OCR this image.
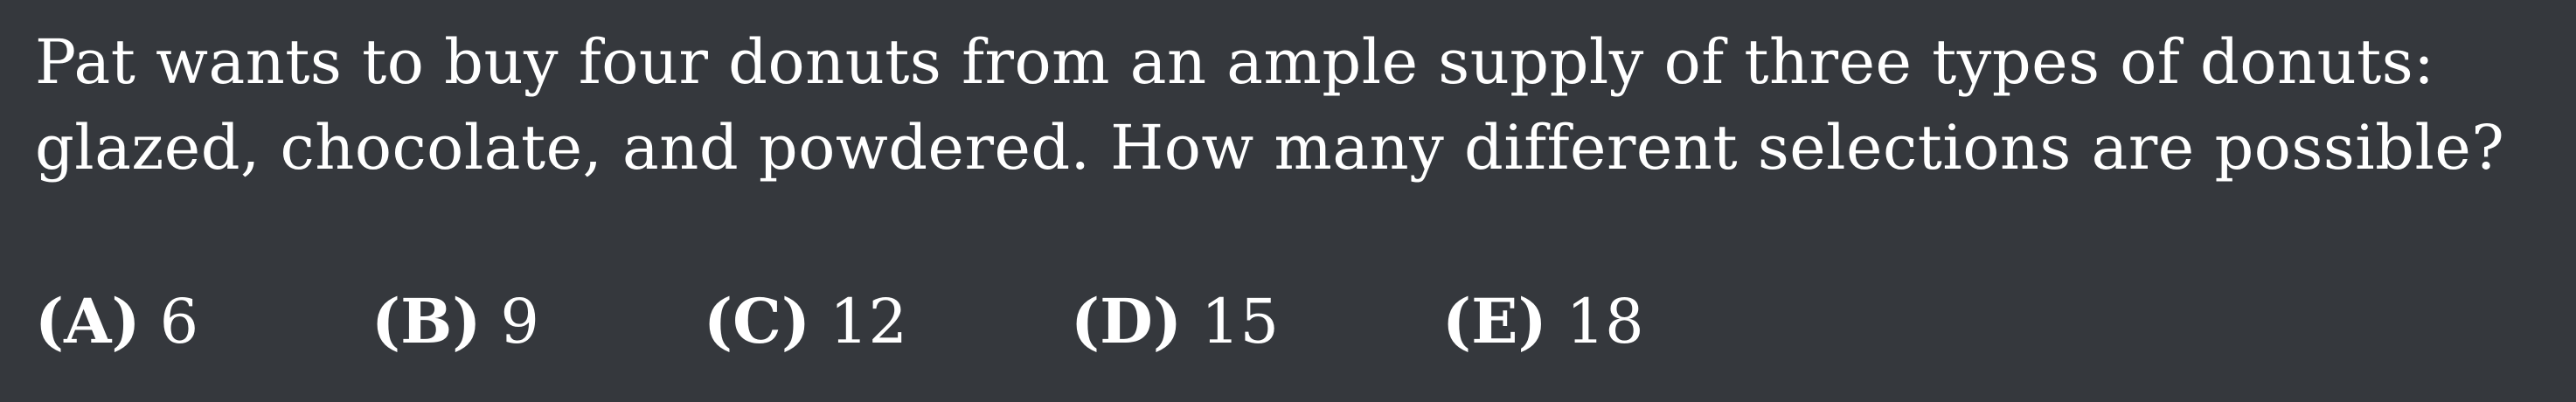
Pat wants to buy four donuts from an ample supply of three types of donuts:
glazed, chocolate, and powdered. How many different selections are possible?
(A) 6	(B) 9	(C) 12	(D) 15	(E) 18
